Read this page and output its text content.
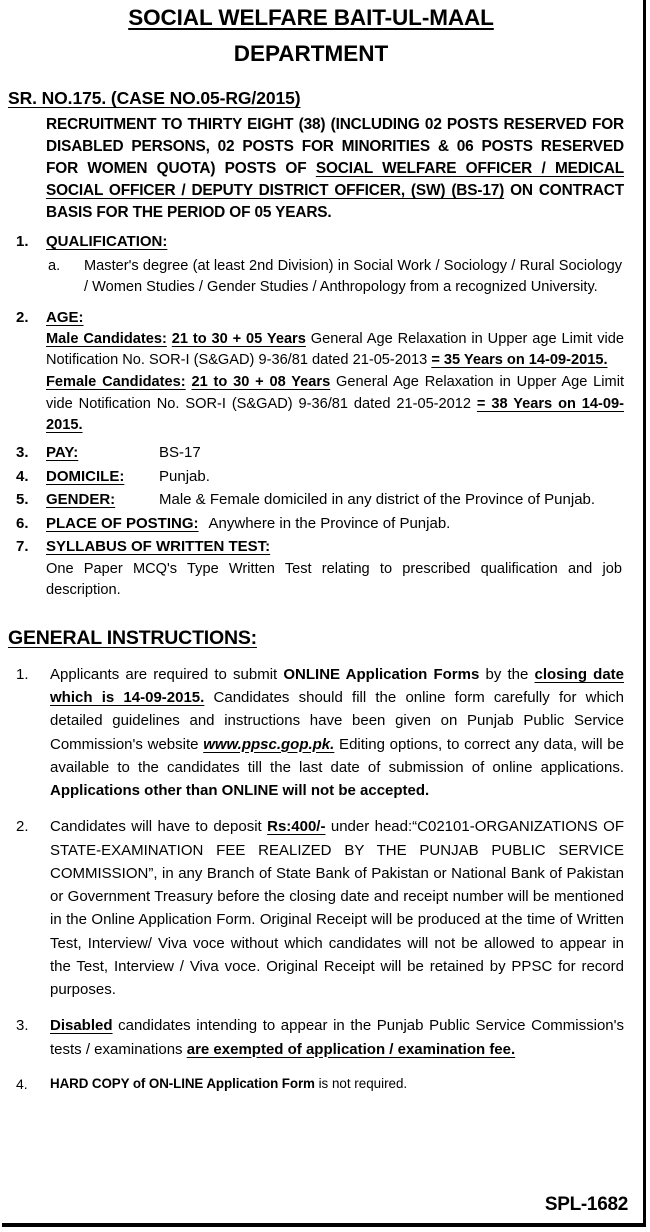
SOCIAL WELFARE BAIT-UL-MAAL
DEPARTMENT
SR. NO.175. (CASE NO.05-RG/2015)
RECRUITMENT TO THIRTY EIGHT (38) (INCLUDING 02 POSTS RESERVED FOR DISABLED PERSONS, 02 POSTS FOR MINORITIES & 06 POSTS RESERVED FOR WOMEN QUOTA) POSTS OF SOCIAL WELFARE OFFICER / MEDICAL SOCIAL OFFICER / DEPUTY DISTRICT OFFICER, (SW) (BS-17) ON CONTRACT BASIS FOR THE PERIOD OF 05 YEARS.
1. QUALIFICATION:
a. Master's degree (at least 2nd Division) in Social Work / Sociology / Rural Sociology / Women Studies / Gender Studies / Anthropology from a recognized University.
2. AGE:
Male Candidates: 21 to 30 + 05 Years General Age Relaxation in Upper age Limit vide Notification No. SOR-I (S&GAD) 9-36/81 dated 21-05-2013 = 35 Years on 14-09-2015.
Female Candidates: 21 to 30 + 08 Years General Age Relaxation in Upper Age Limit vide Notification No. SOR-I (S&GAD) 9-36/81 dated 21-05-2012 = 38 Years on 14-09-2015.
3. PAY:	BS-17
4. DOMICILE: Punjab.
5. GENDER:	Male & Female domiciled in any district of the Province of Punjab.
6. PLACE OF POSTING: Anywhere in the Province of Punjab.
7. SYLLABUS OF WRITTEN TEST:
One Paper MCQ's Type Written Test relating to prescribed qualification and job description.
GENERAL INSTRUCTIONS:
1. Applicants are required to submit ONLINE Application Forms by the closing date which is 14-09-2015. Candidates should fill the online form carefully for which detailed guidelines and instructions have been given on Punjab Public Service Commission's website www.ppsc.gop.pk. Editing options, to correct any data, will be available to the candidates till the last date of submission of online applications. Applications other than ONLINE will not be accepted.
2. Candidates will have to deposit Rs:400/- under head:“C02101-ORGANIZATIONS OF STATE-EXAMINATION FEE REALIZED BY THE PUNJAB PUBLIC SERVICE COMMISSION”, in any Branch of State Bank of Pakistan or National Bank of Pakistan or Government Treasury before the closing date and receipt number will be mentioned in the Online Application Form. Original Receipt will be produced at the time of Written Test, Interview/ Viva voce without which candidates will not be allowed to appear in the Test, Interview / Viva voce. Original Receipt will be retained by PPSC for record purposes.
3. Disabled candidates intending to appear in the Punjab Public Service Commission's tests / examinations are exempted of application / examination fee.
4. HARD COPY of ON-LINE Application Form is not required.
SPL-1682
